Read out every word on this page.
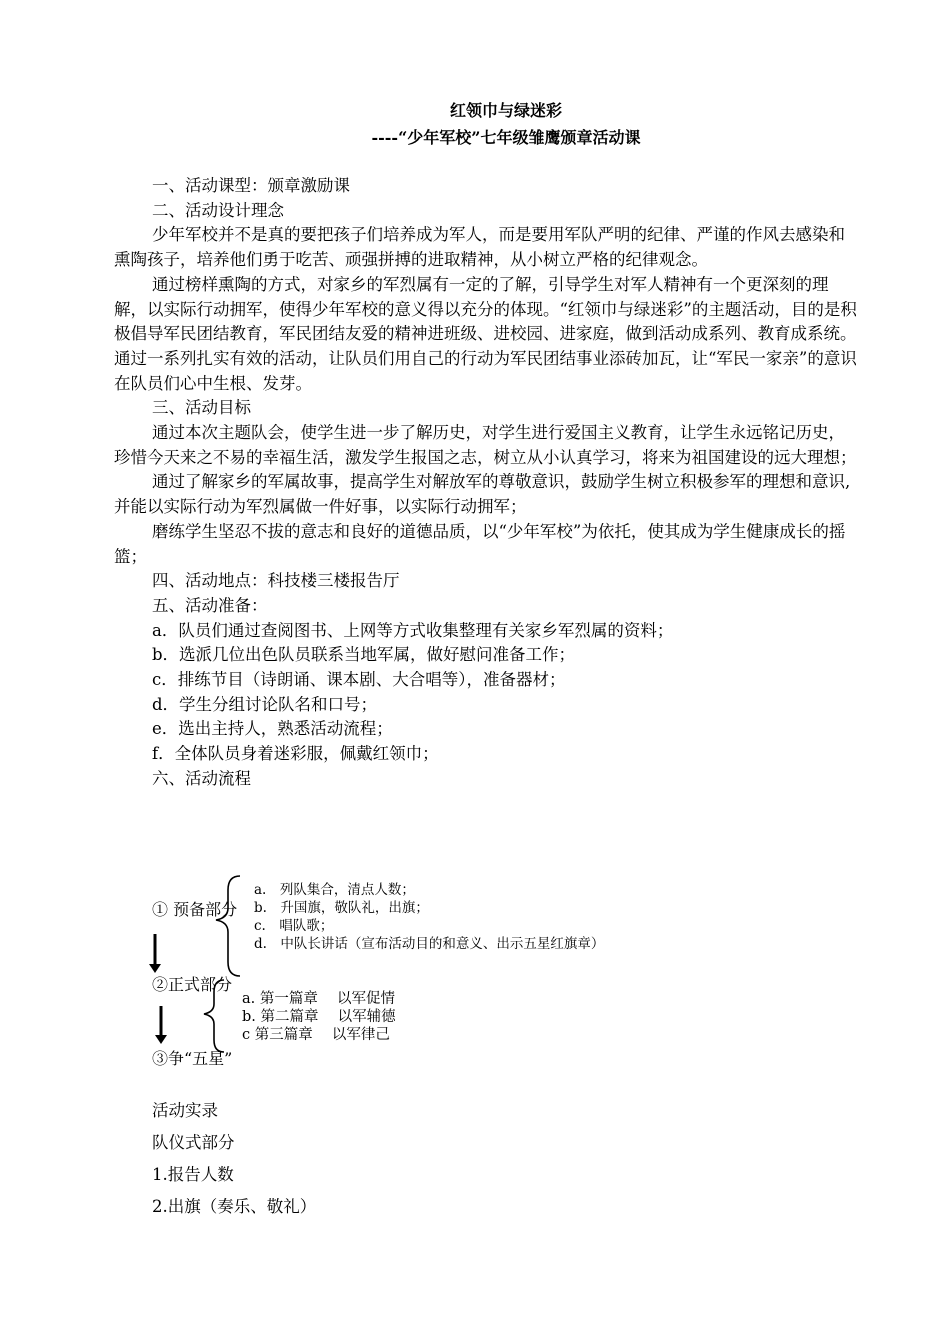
红领巾与绿迷彩
----“少年军校”七年级雏鹰颁章活动课

一、活动课型：颁章激励课

二、活动设计理念

少年军校并不是真的要把孩子们培养成为军人，而是要用军队严明的纪律、严谨的作风去感染和熏陶孩子，培养他们勇于吃苦、顽强拼搏的进取精神，从小树立严格的纪律观念。

通过榜样熏陶的方式，对家乡的军烈属有一定的了解，引导学生对军人精神有一个更深刻的理解，以实际行动拥军，使得少年军校的意义得以充分的体现。“红领巾与绿迷彩”的主题活动，目的是积极倡导军民团结教育，军民团结友爱的精神进班级、进校园、进家庭，做到活动成系列、教育成系统。通过一系列扎实有效的活动，让队员们用自己的行动为军民团结事业添砖加瓦，让“军民一家亲”的意识在队员们心中生根、发芽。

三、活动目标

通过本次主题队会，使学生进一步了解历史，对学生进行爱国主义教育，让学生永远铭记历史，珍惜今天来之不易的幸福生活，激发学生报国之志，树立从小认真学习，将来为祖国建设的远大理想；

通过了解家乡的军属故事，提高学生对解放军的尊敬意识，鼓励学生树立积极参军的理想和意识, 并能以实际行动为军烈属做一件好事，以实际行动拥军；

磨练学生坚忍不拔的意志和良好的道德品质，以“少年军校”为依托，使其成为学生健康成长的摇篮；

四、活动地点：科技楼三楼报告厅

五、活动准备：

a．队员们通过查阅图书、上网等方式收集整理有关家乡军烈属的资料；

b．选派几位出色队员联系当地军属，做好慰问准备工作；

c．排练节目（诗朗诵、课本剧、大合唱等），准备器材；

d．学生分组讨论队名和口号；

e．选出主持人，熟悉活动流程；

f．全体队员身着迷彩服，佩戴红领巾；

六、活动流程

① 预备部分
②正式部分
③争“五星”
a.　列队集合，清点人数；
b.　升国旗，敬队礼，出旗；
c.　唱队歌；
d.　中队长讲话（宣布活动目的和意义、出示五星红旗章）
a. 第一篇章　 以军促情
b. 第二篇章　 以军辅德
c 第三篇章　 以军律己
活动实录
队仪式部分
1.报告人数
2.出旗（奏乐、敬礼）
